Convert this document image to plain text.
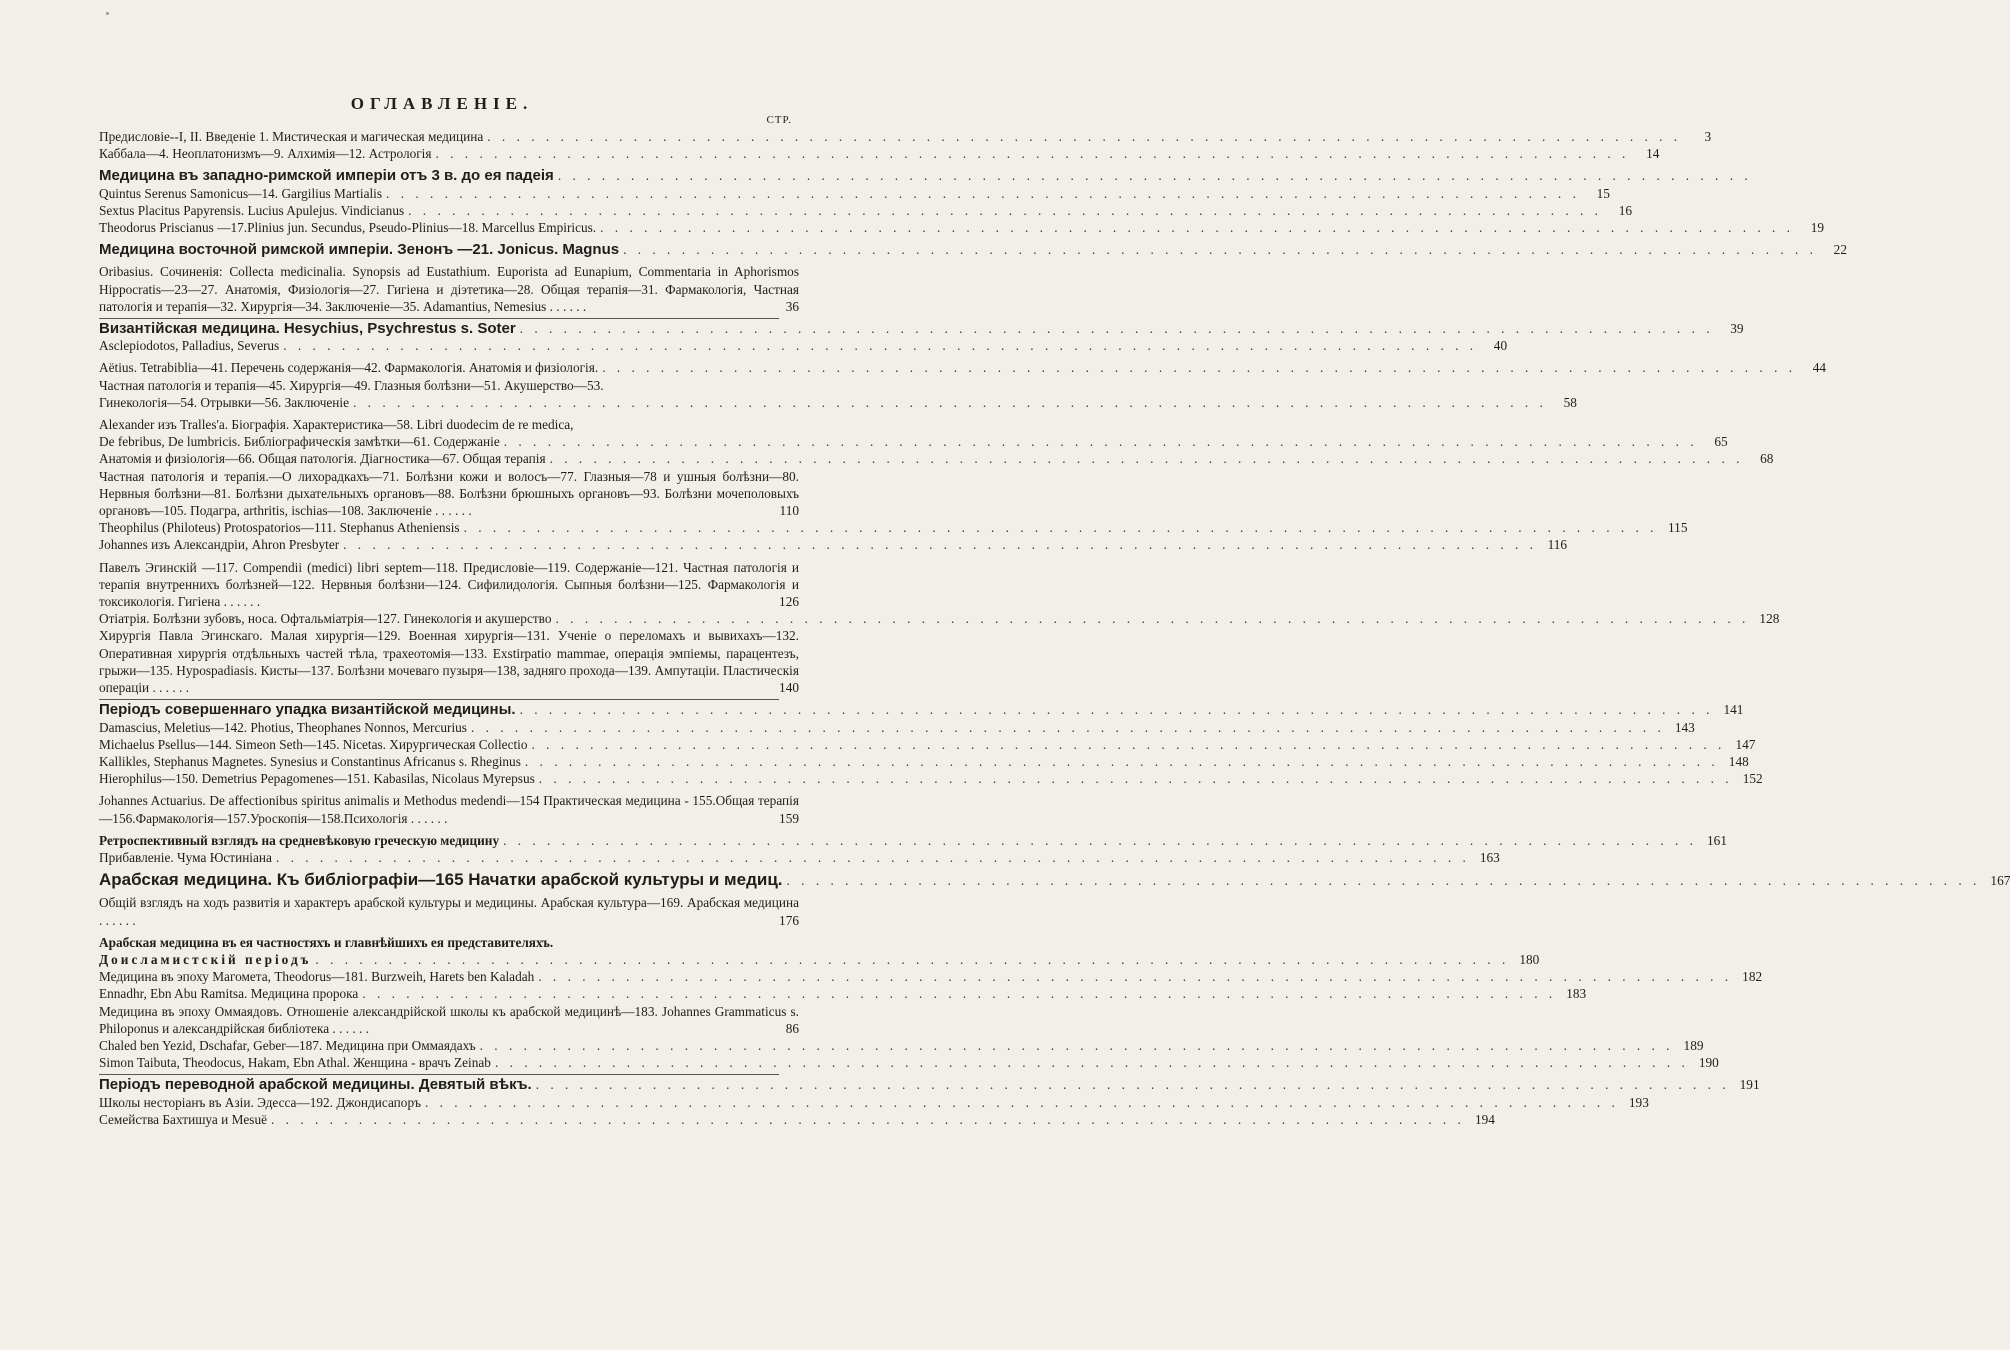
ОГЛАВЛЕНІЕ.
СТР.
Предисловіе--I, II. Введеніе 1. Мистическая и магическая медицина . . .	3
Каббала—4. Неоплатонизмъ—9. Алхимія—12. Астрологія . . .	14
Медицина въ западно-римской имперіи отъ 3 в. до ея падеія
. . .
Quintus Serenus Samonicus—14. Gargilius Martialis . . .	15
Sextus Placitus Papyrensis. Lucius Apulejus. Vindicianus . . .	16
Theodorus Priscianus —17.Plinius jun. Secundus, Pseudo-Plinius—18. Marcellus Empiricus. . . .	19
Медицина восточной римской имперіи. Зенонъ —21. Jonicus. Magnus . . .	22
Oribasius. Сочиненія: Collecta medicinalia. Synopsis ad Eustathium. Euporista ad Eunapium, Commentaria in Aphorismos Hippocratis—23—27. Анатомія, Физіологія—27. Гигіена и діэтетика—28. Общая терапія—31. Фармакологія, Частная патологія и терапія—32. Хирургія—34. Заключеніе—35. Adamantius, Nemesius . . . . . .	36
Византійская медицина. Hesychius, Psychrestus s. Soter . . .	39
Asclepiodotos, Palladius, Severus . . .	40
Aëtius. Tetrabiblia—41. Перечень содержанія—42. Фармакологія. Анатомія и физіологія. . . .	44
Частная патологія и терапія—45. Хирургія—49. Глазныя болѣзни—51. Акушерство—53.
Гинекологія—54. Отрывки—56. Заключеніе . . .	58
Alexander изъ Tralles'a. Біографія. Характеристика—58. Libri duodecim de re medica,
De febribus, De lumbricis. Библіографическія замѣтки—61. Содержаніе . . .	65
Анатомія и физіологія—66. Общая патологія. Діагностика—67. Общая терапія . . .	68
Частная патологія и терапія.—О лихорадкахъ—71. Болѣзни кожи и волосъ—77. Глазныя—78 и ушныя болѣзни—80. Нервныя болѣзни—81. Болѣзни дыхательныхъ органовъ—88. Болѣзни брюшныхъ органовъ—93. Болѣзни мочеполовыхъ органовъ—105. Подагра, arthritis, ischias—108. Заключеніе . . . . . .	110
Theophilus (Philoteus) Protospatorios—111. Stephanus Atheniensis . . .	115
Johannes изъ Александріи, Ahron Presbyter . . .	116
Павелъ Эгинскій —117. Compendii (medici) libri septem—118. Предисловіе—119. Содержаніе—121. Частная патологія и терапія внутреннихъ болѣзней—122. Нервныя болѣзни—124. Сифилидологія. Сыпныя болѣзни—125. Фармакологія и токсикологія. Гигіена . . . . . .	126
Отіатрія. Болѣзни зубовъ, носа. Офтальміатрія—127. Гинекологія и акушерство . . .	128
Хирургія Павла Эгинскаго. Малая хирургія—129. Военная хирургія—131. Ученіе о переломахъ и вывихахъ—132. Оперативная хирургія отдѣльныхъ частей тѣла, трахеотомія—133. Exstirpatio mammae, операція эмпіемы, парацентезъ, грыжи—135. Hypospadiasis. Кисты—137. Болѣзни мочеваго пузыря—138, задняго прохода—139. Ампутаціи. Пластическія операціи . . . . . .	140
Періодъ совершеннаго упадка византійской медицины. . . .	141
Damascius, Meletius—142. Photius, Theophanes Nonnos, Mercurius . . .	143
Michaelus Psellus—144. Simeon Seth—145. Nicetas. Хирургическая Collectio . . .	147
Kallikles, Stephanus Magnetes. Synesius и Constantinus Africanus s. Rheginus . . .	148
Hierophilus—150. Demetrius Pepagomenes—151. Kabasilas, Nicolaus Myrepsus . . .	152
Johannes Actuarius. De affectionibus spiritus animalis и Methodus medendi—154 Практическая медицина - 155.Общая терапія—156.Фармакологія—157.Уроскопія—158.Психологія . . . . . .	159
Ретроспективный взглядъ на средневѣковую греческую медицину . . .	161
Прибавленіе. Чума Юстиніана . . .	163
Арабская медицина. Къ библіографіи—165 Начатки арабской культуры и медиц. . . .	167
Общій взглядъ на ходъ развитія и характеръ арабской культуры и медицины. Арабская культура—169. Арабская медицина . . . . . .	176
Арабская медицина въ ея частностяхъ и главнѣйшихъ ея представителяхъ.
Доисламистскій періодъ . . .	180
Медицина въ эпоху Магомета, Theodorus—181. Burzweih, Harets ben Kaladah . . .	182
Ennadhr, Ebn Abu Ramitsa. Медицина пророка . . .	183
Медицина въ эпоху Оммаядовъ. Отношеніе александрійской школы къ арабской медицинѣ—183. Johannes Grammaticus s. Philoponus и александрійская библіотека . . . . . .	86
Chaled ben Yezid, Dschafar, Geber—187. Медицина при Оммаядахъ . . .	189
Simon Taibuta, Theodocus, Hakam, Ebn Athal. Женщина - врачъ Zeinab . . .	190
Періодъ переводной арабской медицины. Девятый вѣкъ. . . .	191
Школы несторіанъ въ Азіи. Эдесса—192. Джондисапоръ . . .	193
Семейства Бахтишуа и Mesuë . . .	194
